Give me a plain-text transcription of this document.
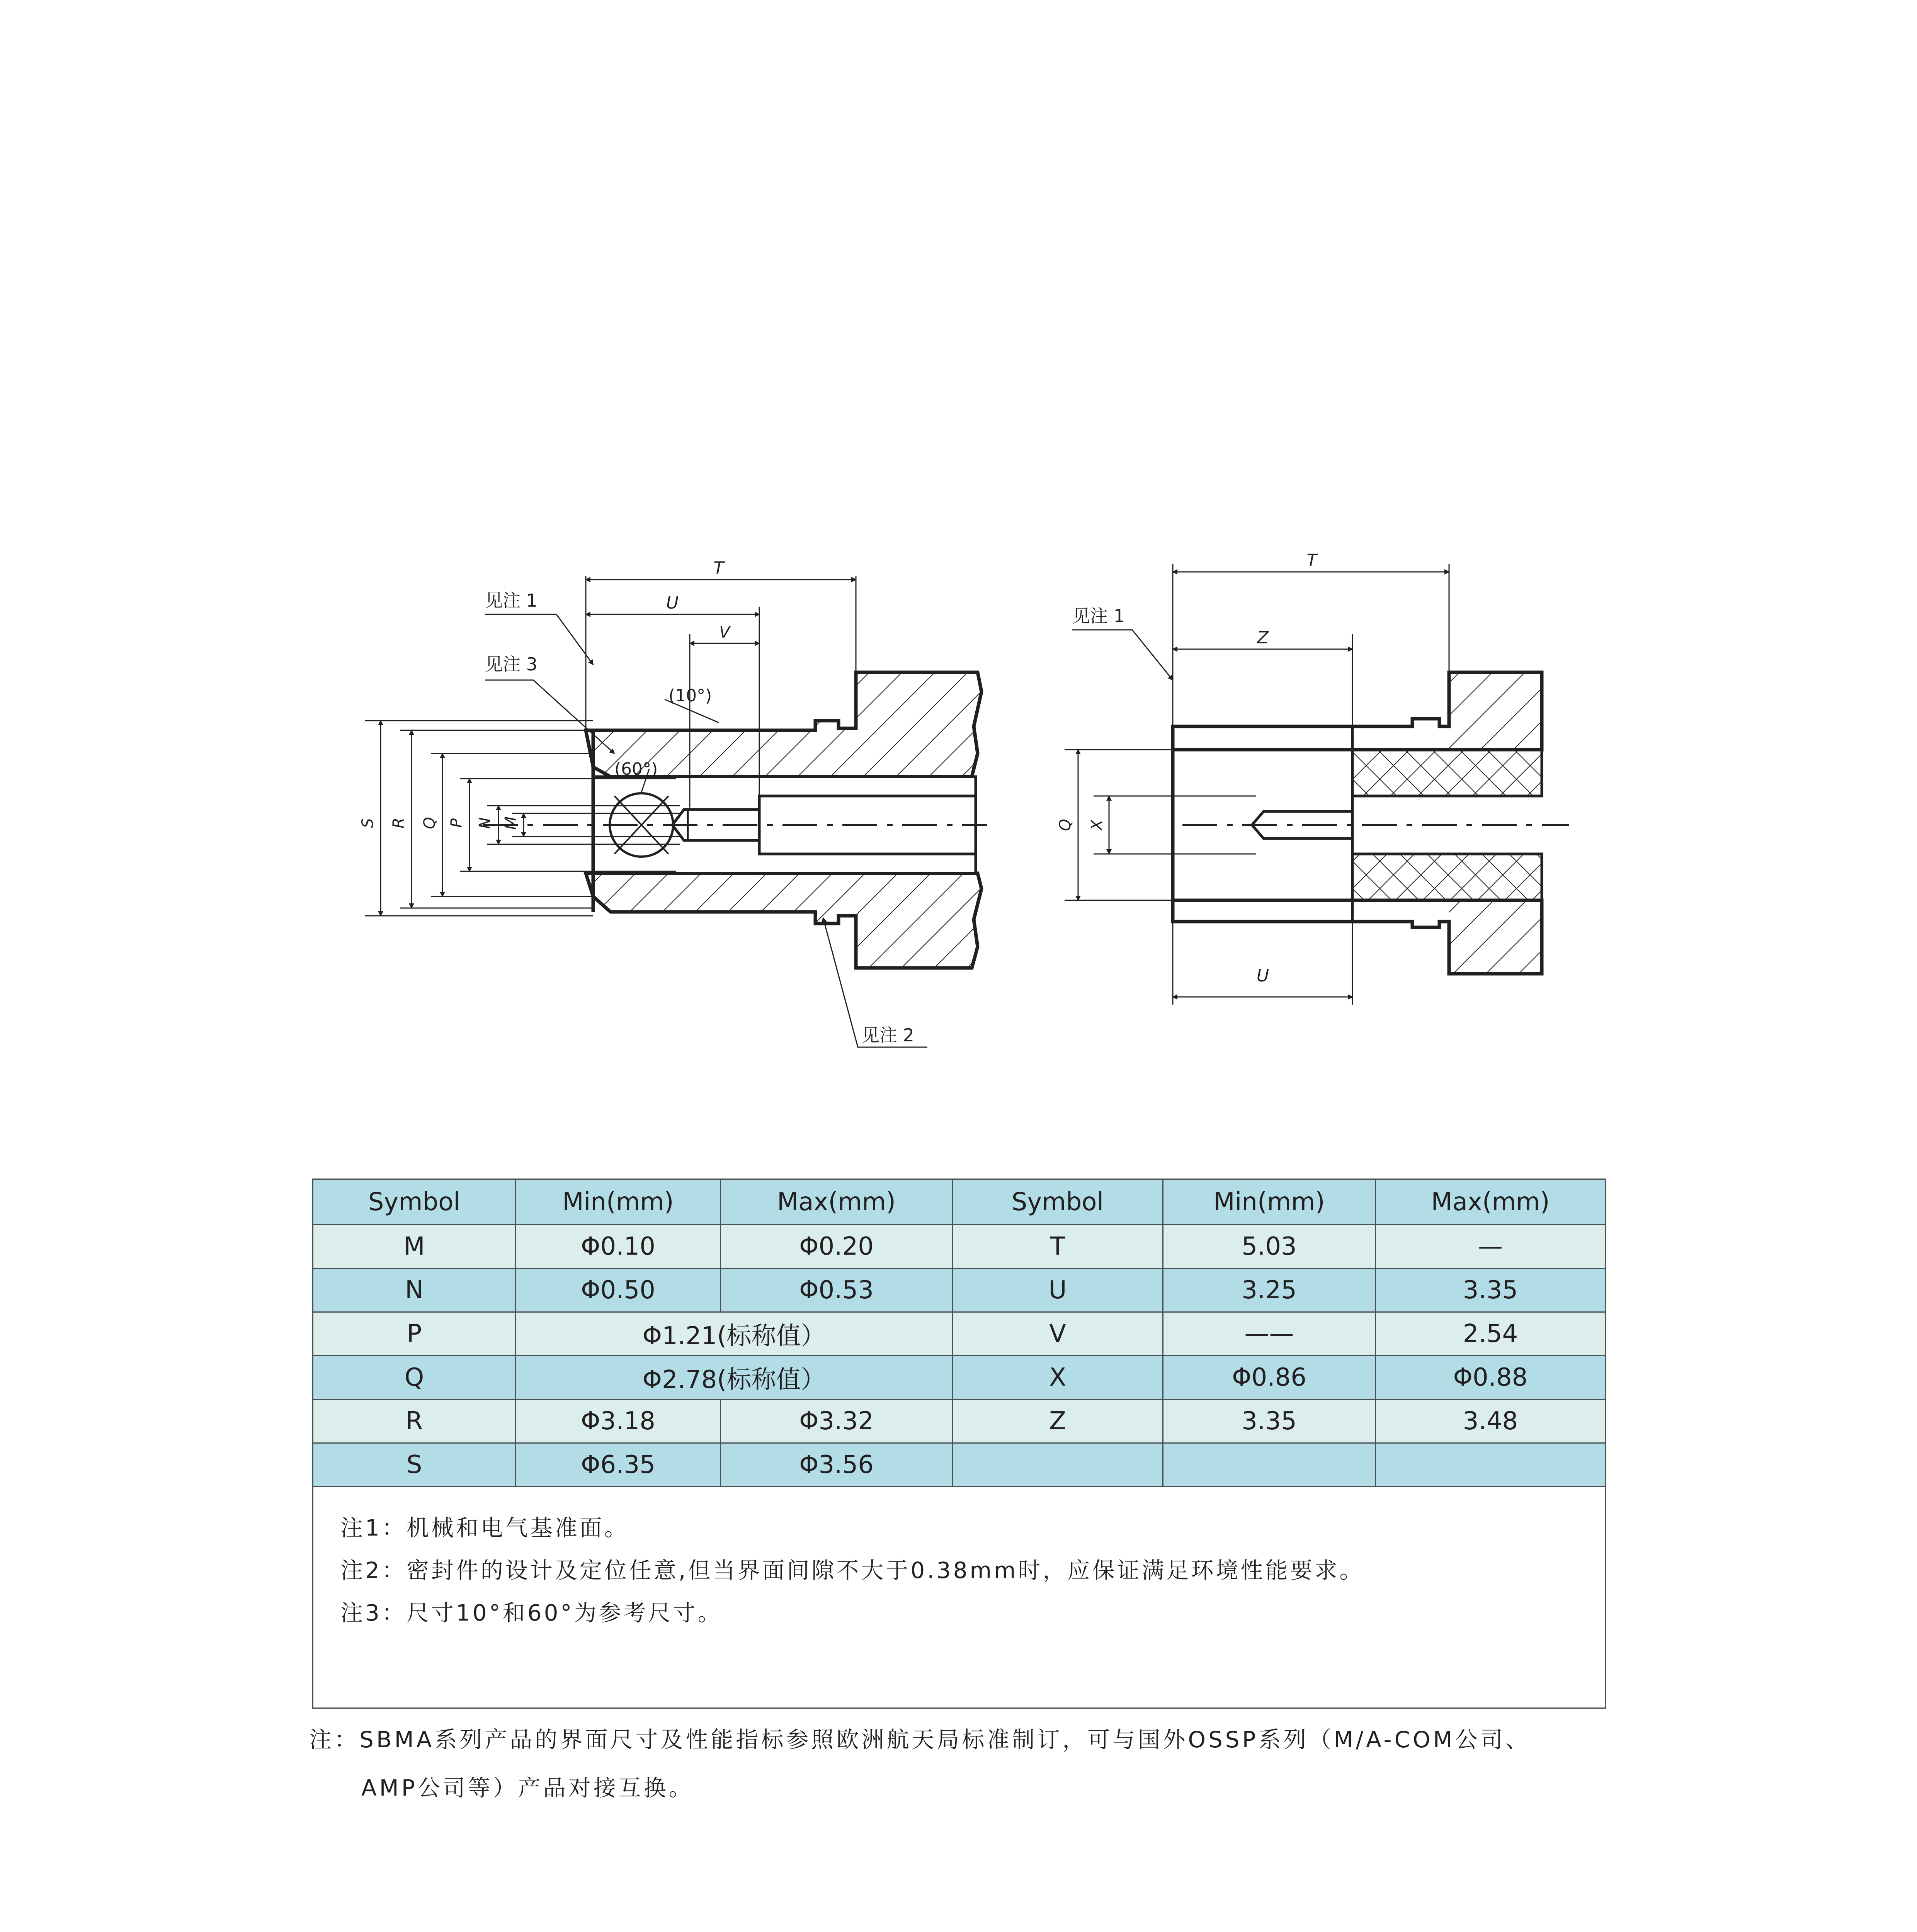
T
U
V
S R Q P N M
见注 1
见注 3
见注 2
(10°)
(60°)
T
Z
U
Q X
见注 1
Symbol	Min(mm)	Max(mm)	Symbol	Min(mm)	Max(mm)
M	Φ0.10	Φ0.20	T	5.03	—
N	Φ0.50	Φ0.53	U	3.25	3.35
P	Φ1.21(标称值）		V	——	2.54
Q	Φ2.78(标称值）		X	Φ0.86	Φ0.88
R	Φ3.18	Φ3.32	Z	3.35	3.48
S	Φ6.35	Φ3.56			

注1：机械和电气基准面。
注2：密封件的设计及定位任意,但当界面间隙不大于0.38mm时，应保证满足环境性能要求。
注3：尺寸10°和60°为参考尺寸。					
注：SBMA系列产品的界面尺寸及性能指标参照欧洲航天局标准制订，可与国外OSSP系列（M/A-COM公司、
AMP公司等）产品对接互换。
